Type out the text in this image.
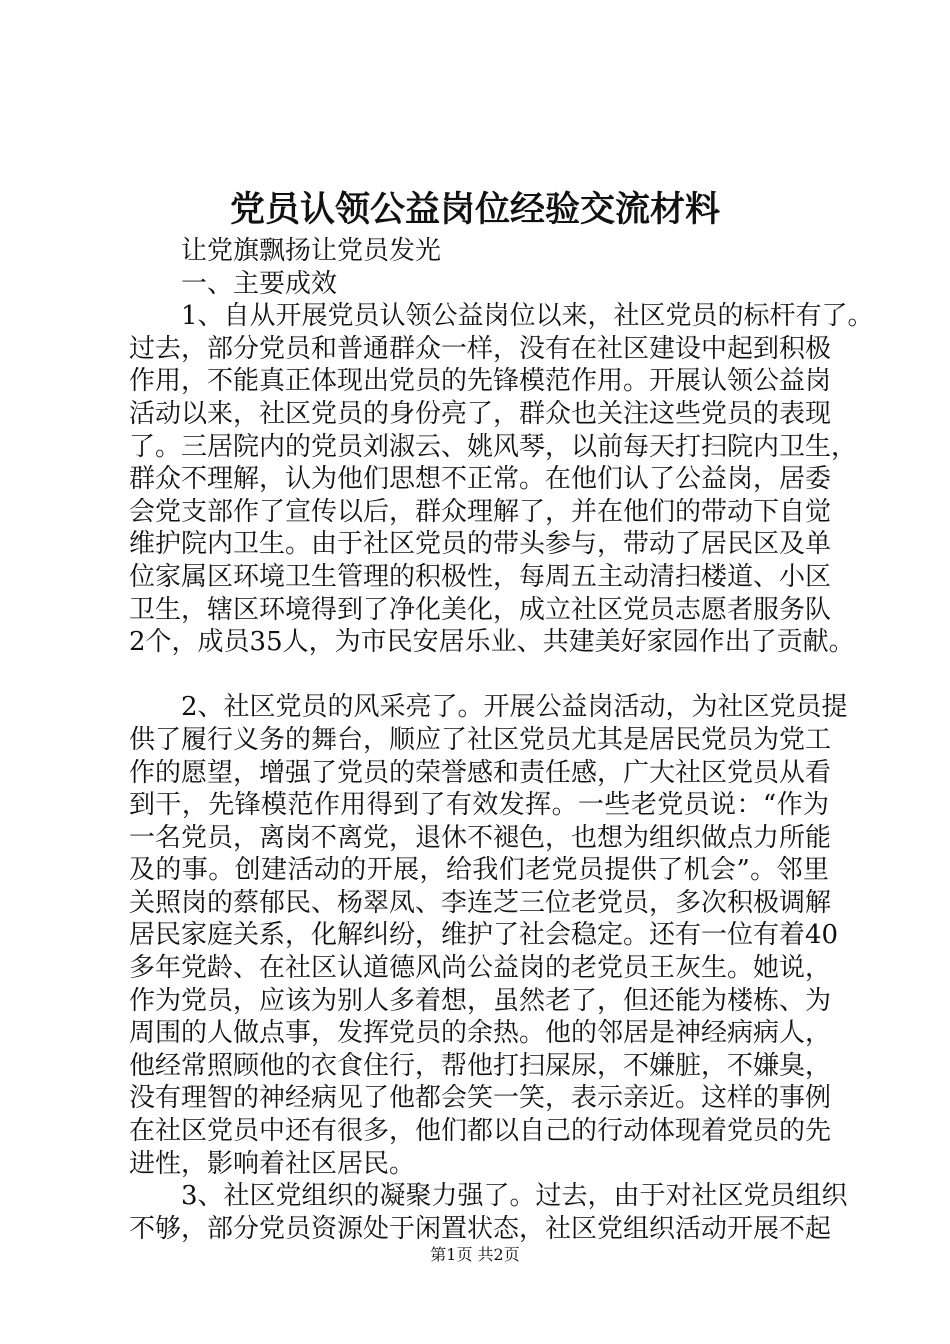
党员认领公益岗位经验交流材料

让党旗飘扬让党员发光

一、主要成效

1、自从开展党员认领公益岗位以来，社区党员的标杆有了。

过去，部分党员和普通群众一样，没有在社区建设中起到积极

作用，不能真正体现出党员的先锋模范作用。开展认领公益岗

活动以来，社区党员的身份亮了，群众也关注这些党员的表现

了。三居院内的党员刘淑云、姚风琴，以前每天打扫院内卫生，

群众不理解，认为他们思想不正常。在他们认了公益岗，居委

会党支部作了宣传以后，群众理解了，并在他们的带动下自觉

维护院内卫生。由于社区党员的带头参与，带动了居民区及单

位家属区环境卫生管理的积极性，每周五主动清扫楼道、小区

卫生，辖区环境得到了净化美化，成立社区党员志愿者服务队

2个，成员35人，为市民安居乐业、共建美好家园作出了贡献。

2、社区党员的风采亮了。开展公益岗活动，为社区党员提

供了履行义务的舞台，顺应了社区党员尤其是居民党员为党工

作的愿望，增强了党员的荣誉感和责任感，广大社区党员从看

到干，先锋模范作用得到了有效发挥。一些老党员说：“作为

一名党员，离岗不离党，退休不褪色，也想为组织做点力所能

及的事。创建活动的开展，给我们老党员提供了机会”。邻里

关照岗的蔡郁民、杨翠凤、李连芝三位老党员，多次积极调解

居民家庭关系，化解纠纷，维护了社会稳定。还有一位有着40

多年党龄、在社区认道德风尚公益岗的老党员王灰生。她说，

作为党员，应该为别人多着想，虽然老了，但还能为楼栋、为

周围的人做点事，发挥党员的余热。他的邻居是神经病病人，

他经常照顾他的衣食住行，帮他打扫屎尿，不嫌脏，不嫌臭，

没有理智的神经病见了他都会笑一笑，表示亲近。这样的事例

在社区党员中还有很多，他们都以自己的行动体现着党员的先

进性，影响着社区居民。

3、社区党组织的凝聚力强了。过去，由于对社区党员组织

不够，部分党员资源处于闲置状态，社区党组织活动开展不起

第1页 共2页
